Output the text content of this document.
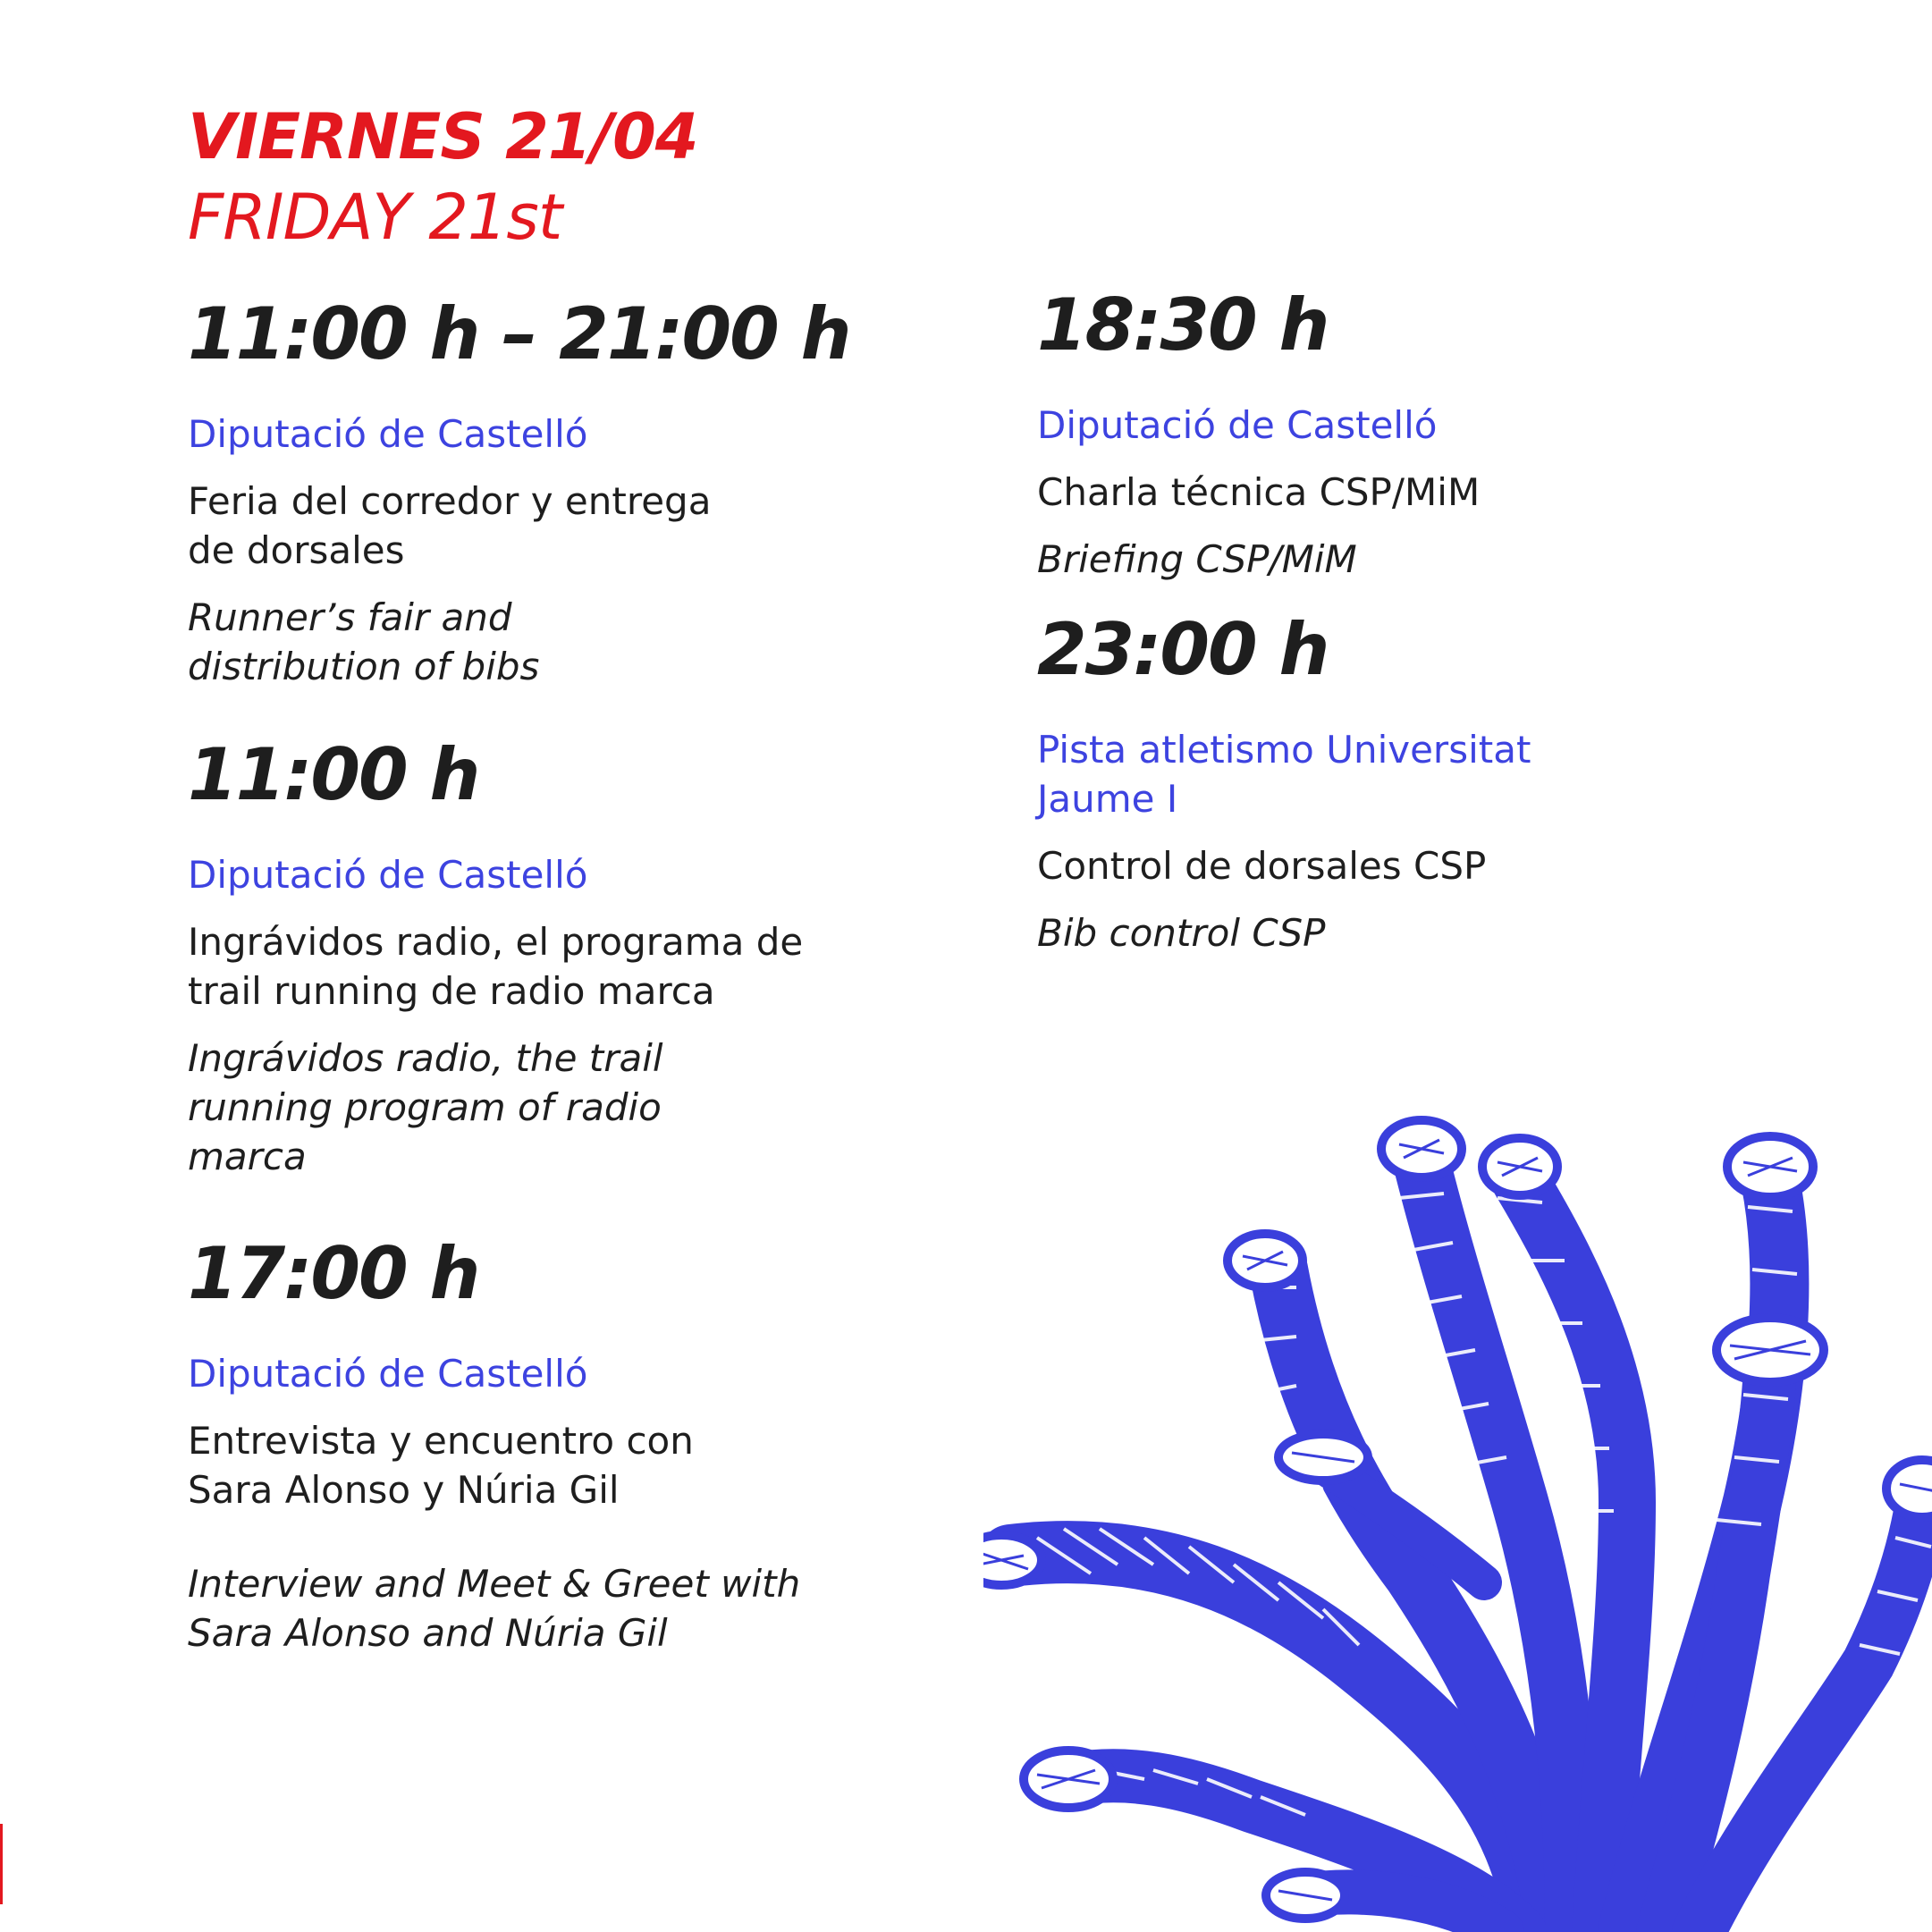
VIERNES 21/04
FRIDAY 21st
11:00 h – 21:00 h
Diputació de Castelló
Feria del corredor y entrega de dorsales
Runner’s fair and distribution of bibs
11:00 h
Diputació de Castelló
Ingrávidos radio, el programa de trail running de radio marca
Ingrávidos radio, the trail running program of radio marca
17:00 h
Diputació de Castelló
Entrevista y encuentro con Sara Alonso y Núria Gil
Interview and Meet & Greet with Sara Alonso and Núria Gil
18:30 h
Diputació de Castelló
Charla técnica CSP/MiM
Briefing CSP/MiM
23:00 h
Pista atletismo Universitat Jaume I
Control de dorsales CSP
Bib control CSP
